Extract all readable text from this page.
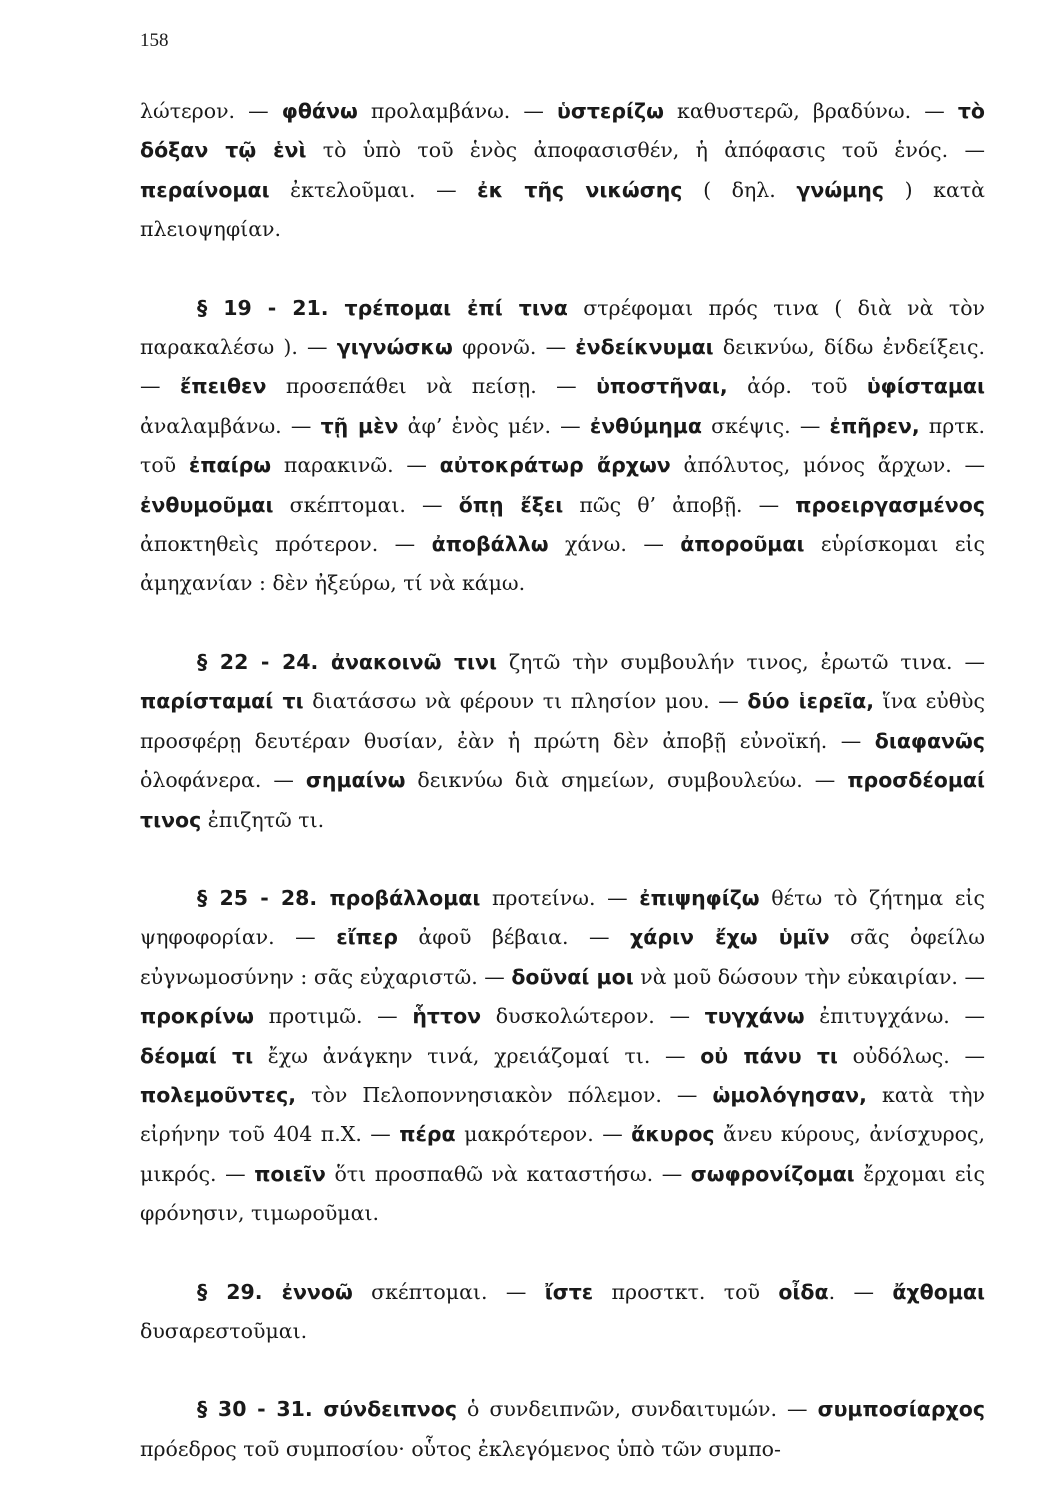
158

λώτερον. — φθάνω προλαμβάνω. — ὑστερίζω καθυστερῶ, βραδύνω. — τὸ δόξαν τῷ ἑνὶ τὸ ὑπὸ τοῦ ἑνὸς ἀποφασισθέν, ἡ ἀπόφασις τοῦ ἑνός. — περαίνομαι ἐκτελοῦμαι. — ἐκ τῆς νικώσης ( δηλ. γνώμης ) κατὰ πλειοψηφίαν.

§ 19 - 21. τρέπομαι ἐπί τινα στρέφομαι πρός τινα ( διὰ νὰ τὸν παρακαλέσω ). — γιγνώσκω φρονῶ. — ἐνδείκνυμαι δεικνύω, δίδω ἐνδείξεις. — ἔπειθεν προσεπάθει νὰ πείσῃ. — ὑποστῆναι, ἀόρ. τοῦ ὑφίσταμαι ἀναλαμβάνω. — τῇ μὲν ἀφ’ ἑνὸς μέν. — ἐνθύμημα σκέψις. — ἐπῆρεν, πρτκ. τοῦ ἐπαίρω παρακινῶ. — αὐτοκράτωρ ἄρχων ἀπόλυτος, μόνος ἄρχων. — ἐνθυμοῦμαι σκέπτομαι. — ὅπῃ ἔξει πῶς θ’ ἀποβῇ. — προειργασμένος ἀποκτηθεὶς πρότερον. — ἀποβάλλω χάνω. — ἀποροῦμαι εὑρίσκομαι εἰς ἀμηχανίαν : δὲν ἠξεύρω, τί νὰ κάμω.

§ 22 - 24. ἀνακοινῶ τινι ζητῶ τὴν συμβουλήν τινος, ἐρωτῶ τινα. — παρίσταμαί τι διατάσσω νὰ φέρουν τι πλησίον μου. — δύο ἱερεῖα, ἵνα εὐθὺς προσφέρῃ δευτέραν θυσίαν, ἐὰν ἡ πρώτη δὲν ἀποβῇ εὐνοϊκή. — διαφανῶς ὁλοφάνερα. — σημαίνω δεικνύω διὰ σημείων, συμβουλεύω. — προσδέομαί τινος ἐπιζητῶ τι.

§ 25 - 28. προβάλλομαι προτείνω. — ἐπιψηφίζω θέτω τὸ ζήτημα εἰς ψηφοφορίαν. — εἴπερ ἀφοῦ βέβαια. — χάριν ἔχω ὑμῖν σᾶς ὀφείλω εὐγνωμοσύνην : σᾶς εὐχαριστῶ. — δοῦναί μοι νὰ μοῦ δώσουν τὴν εὐκαιρίαν. — προκρίνω προτιμῶ. — ἧττον δυσκολώτερον. — τυγχάνω ἐπιτυγχάνω. — δέομαί τι ἔχω ἀνάγκην τινά, χρειάζομαί τι. — οὐ πάνυ τι οὐδόλως. — πολεμοῦντες, τὸν Πελοποννησιακὸν πόλεμον. — ὡμολόγησαν, κατὰ τὴν εἰρήνην τοῦ 404 π.Χ. — πέρα μακρότερον. — ἄκυρος ἄνευ κύρους, ἀνίσχυρος, μικρός. — ποιεῖν ὅτι προσπαθῶ νὰ καταστήσω. — σωφρονίζομαι ἔρχομαι εἰς φρόνησιν, τιμωροῦμαι.

§ 29. ἐννοῶ σκέπτομαι. — ἴστε προστκτ. τοῦ οἶδα. — ἄχθομαι δυσαρεστοῦμαι.

§ 30 - 31. σύνδειπνος ὁ συνδειπνῶν, συνδαιτυμών. — συμποσίαρχος πρόεδρος τοῦ συμποσίου· οὗτος ἐκλεγόμενος ὑπὸ τῶν συμπο-
